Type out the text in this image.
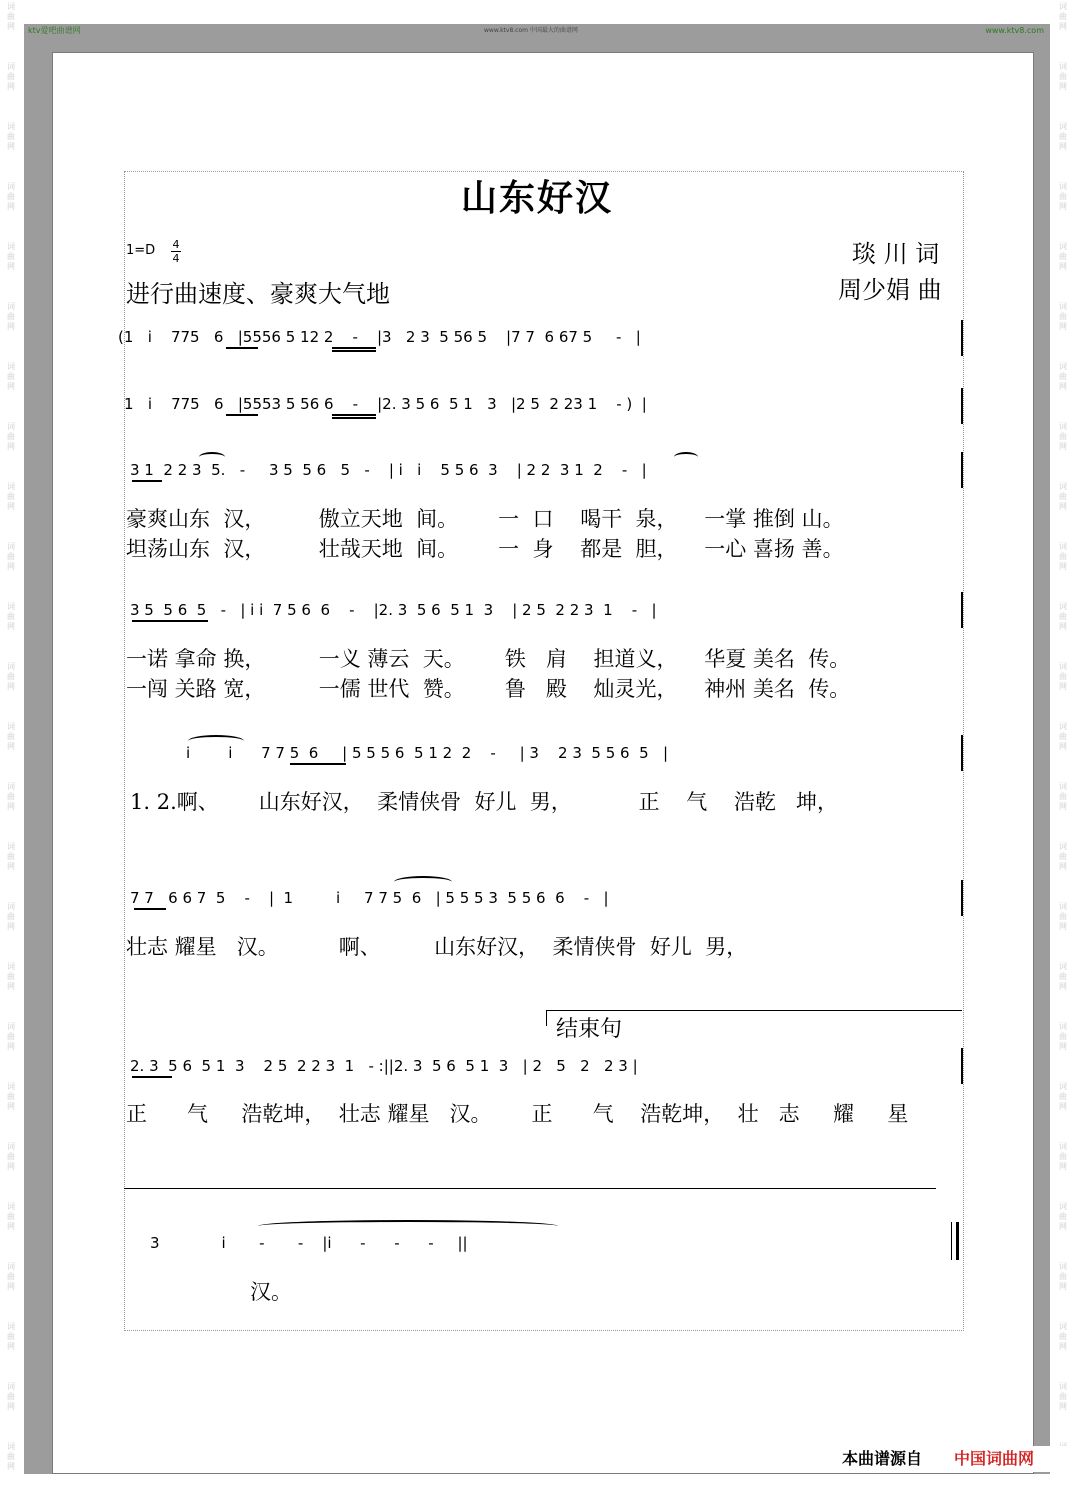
词
曲
网
词
曲
网
词
曲
网
词
曲
网
词
曲
网
词
曲
网
词
曲
网
词
曲
网
词
曲
网
词
曲
网
词
曲
网
词
曲
网
词
曲
网
词
曲
网
词
曲
网
词
曲
网
词
曲
网
词
曲
网
词
曲
网
词
曲
网
词
曲
网
词
曲
网
词
曲
网
词
曲
网
词
曲
网
词
曲
网
词
曲
网
词
曲
网
词
曲
网
词
曲
网
词
曲
网
词
曲
网
词
曲
网
词
曲
网
词
曲
网
词
曲
网
词
曲
网
词
曲
网
词
曲
网
词
曲
网
词
曲
网
词
曲
网
词
曲
网
词
曲
网
词
曲
网
词
曲
网
词
曲
网
词
曲
网
词
曲
网
ktv爱吧曲谱网	www.ktv8.com 中国最大的曲谱网	www.ktv8.com
山东好汉
1=D 4
4
进行曲速度、豪爽大气地
琰 川 词
周少娟 曲
(1   i    775   6   |5556 5 12 2    -    |3   2 3  5 56 5    |7 7  6 67 5     -   |
1   i    775   6   |5553 5 56 6    -    |2. 3 5 6  5 1   3   |2 5  2 23 1    - )  |
3 1  2 2 3  5.   -     3 5  5 6   5   -    | i   i    5 5 6  3    | 2 2  3 1  2    -   |
3 5  5 6  5   -   | i i  7 5 6  6    -    |2. 3  5 6  5 1  3    | 2 5  2 2 3  1    -   |
i        i      7 7 5  6     | 5 5 5 6  5 1 2  2    -     | 3    2 3  5 5 6  5   |
7 7   6 6 7  5    -    |  1         i     7 7 5  6   | 5 5 5 3  5 5 6  6    -   |
2. 3  5 6  5 1  3    2 5  2 2 3  1   - :||2. 3  5 6  5 1  3   | 2   5   2   2 3 |
3             i       -       -    |i      -      -      -     ||
结束句
豪爽山东  汉，        傲立天地  间。      一  口    喝干  泉，    一掌 推倒 山。
坦荡山东  汉，        壮哉天地  间。      一  身    都是  胆，    一心 喜扬 善。
一诺 拿命 换，        一义 薄云  天。      铁   肩    担道义，    华夏 美名  传。
一闯 关路 宽，        一儒 世代  赞。      鲁   殿    灿灵光，    神州 美名  传。
1. 2.啊、      山东好汉，  柔情侠骨  好儿  男，          正    气    浩乾   坤，
壮志 耀星   汉。         啊、        山东好汉，  柔情侠骨  好儿  男，
正      气     浩乾坤，  壮志 耀星   汉。      正      气    浩乾坤，  壮   志     耀     星
汉。
本曲谱源自 中国词曲网
